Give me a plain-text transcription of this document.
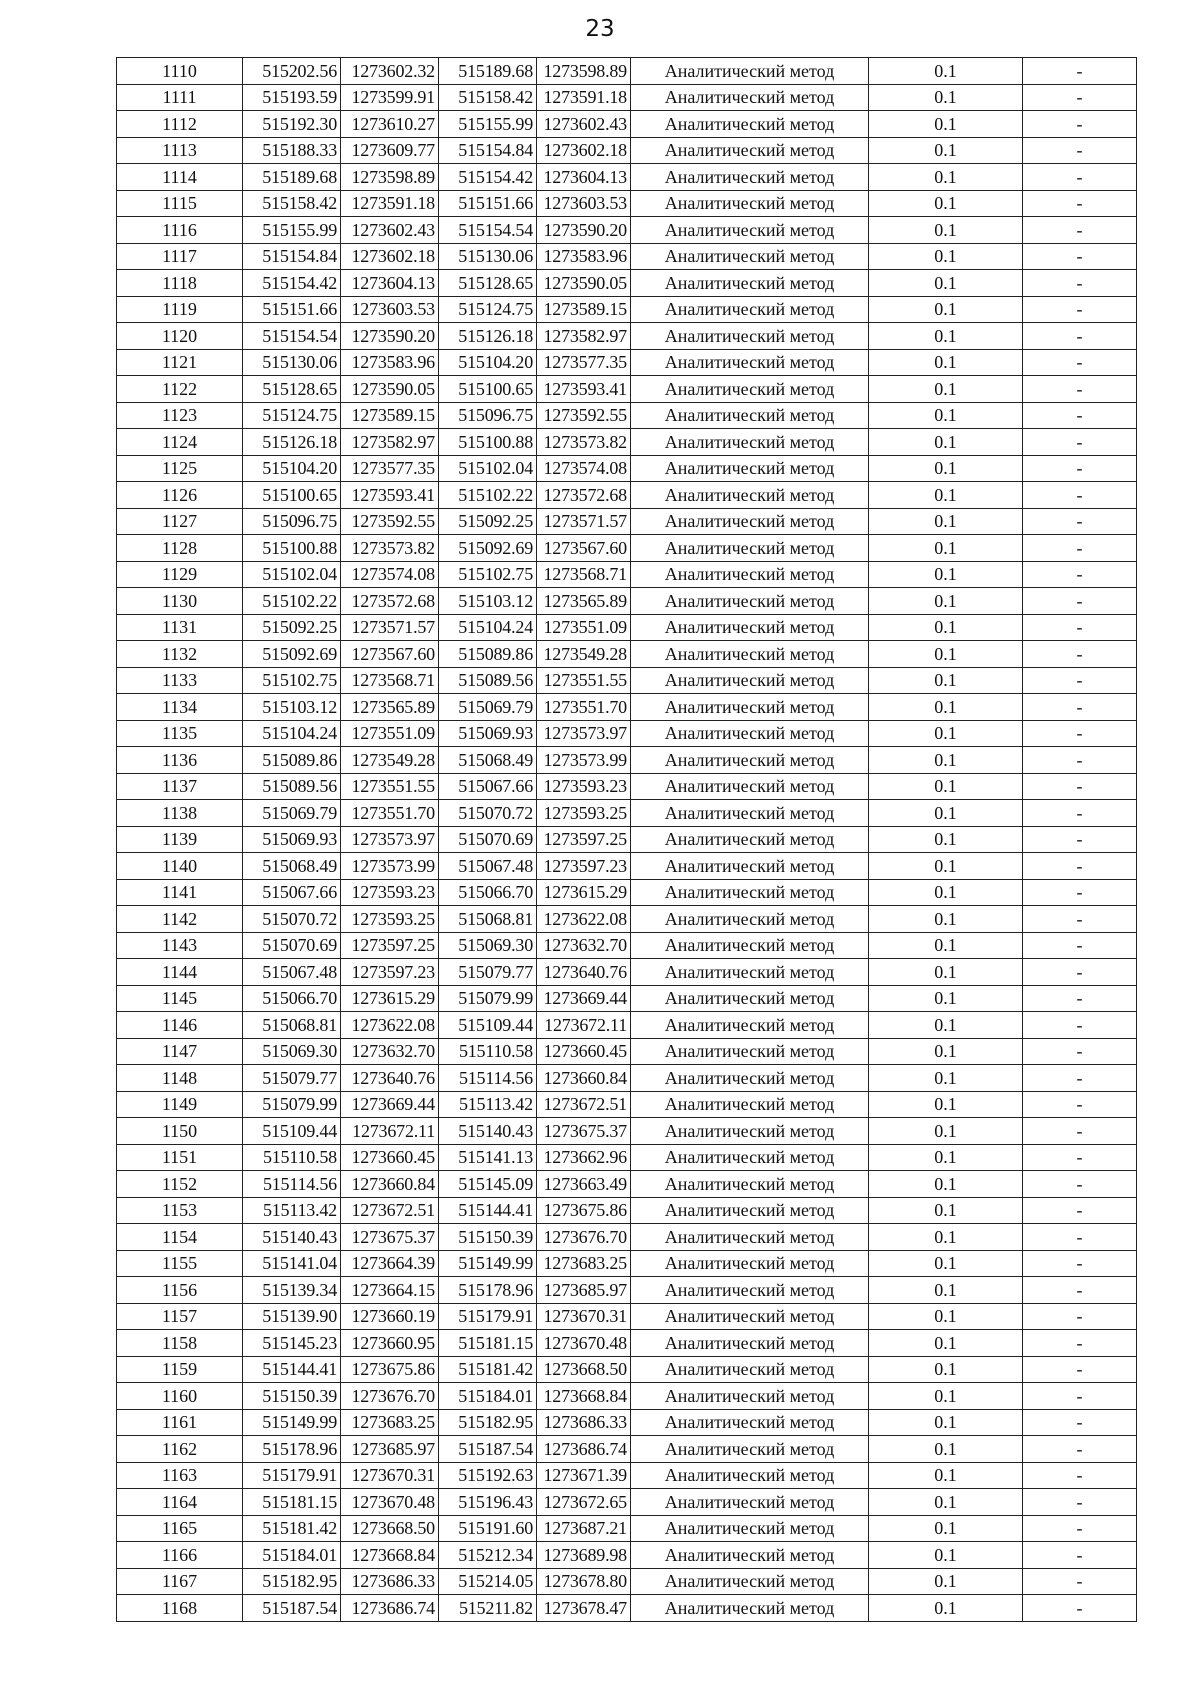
23
1110	515202.56	1273602.32	515189.68	1273598.89	Аналитический метод	0.1	-
1111	515193.59	1273599.91	515158.42	1273591.18	Аналитический метод	0.1	-
1112	515192.30	1273610.27	515155.99	1273602.43	Аналитический метод	0.1	-
1113	515188.33	1273609.77	515154.84	1273602.18	Аналитический метод	0.1	-
1114	515189.68	1273598.89	515154.42	1273604.13	Аналитический метод	0.1	-
1115	515158.42	1273591.18	515151.66	1273603.53	Аналитический метод	0.1	-
1116	515155.99	1273602.43	515154.54	1273590.20	Аналитический метод	0.1	-
1117	515154.84	1273602.18	515130.06	1273583.96	Аналитический метод	0.1	-
1118	515154.42	1273604.13	515128.65	1273590.05	Аналитический метод	0.1	-
1119	515151.66	1273603.53	515124.75	1273589.15	Аналитический метод	0.1	-
1120	515154.54	1273590.20	515126.18	1273582.97	Аналитический метод	0.1	-
1121	515130.06	1273583.96	515104.20	1273577.35	Аналитический метод	0.1	-
1122	515128.65	1273590.05	515100.65	1273593.41	Аналитический метод	0.1	-
1123	515124.75	1273589.15	515096.75	1273592.55	Аналитический метод	0.1	-
1124	515126.18	1273582.97	515100.88	1273573.82	Аналитический метод	0.1	-
1125	515104.20	1273577.35	515102.04	1273574.08	Аналитический метод	0.1	-
1126	515100.65	1273593.41	515102.22	1273572.68	Аналитический метод	0.1	-
1127	515096.75	1273592.55	515092.25	1273571.57	Аналитический метод	0.1	-
1128	515100.88	1273573.82	515092.69	1273567.60	Аналитический метод	0.1	-
1129	515102.04	1273574.08	515102.75	1273568.71	Аналитический метод	0.1	-
1130	515102.22	1273572.68	515103.12	1273565.89	Аналитический метод	0.1	-
1131	515092.25	1273571.57	515104.24	1273551.09	Аналитический метод	0.1	-
1132	515092.69	1273567.60	515089.86	1273549.28	Аналитический метод	0.1	-
1133	515102.75	1273568.71	515089.56	1273551.55	Аналитический метод	0.1	-
1134	515103.12	1273565.89	515069.79	1273551.70	Аналитический метод	0.1	-
1135	515104.24	1273551.09	515069.93	1273573.97	Аналитический метод	0.1	-
1136	515089.86	1273549.28	515068.49	1273573.99	Аналитический метод	0.1	-
1137	515089.56	1273551.55	515067.66	1273593.23	Аналитический метод	0.1	-
1138	515069.79	1273551.70	515070.72	1273593.25	Аналитический метод	0.1	-
1139	515069.93	1273573.97	515070.69	1273597.25	Аналитический метод	0.1	-
1140	515068.49	1273573.99	515067.48	1273597.23	Аналитический метод	0.1	-
1141	515067.66	1273593.23	515066.70	1273615.29	Аналитический метод	0.1	-
1142	515070.72	1273593.25	515068.81	1273622.08	Аналитический метод	0.1	-
1143	515070.69	1273597.25	515069.30	1273632.70	Аналитический метод	0.1	-
1144	515067.48	1273597.23	515079.77	1273640.76	Аналитический метод	0.1	-
1145	515066.70	1273615.29	515079.99	1273669.44	Аналитический метод	0.1	-
1146	515068.81	1273622.08	515109.44	1273672.11	Аналитический метод	0.1	-
1147	515069.30	1273632.70	515110.58	1273660.45	Аналитический метод	0.1	-
1148	515079.77	1273640.76	515114.56	1273660.84	Аналитический метод	0.1	-
1149	515079.99	1273669.44	515113.42	1273672.51	Аналитический метод	0.1	-
1150	515109.44	1273672.11	515140.43	1273675.37	Аналитический метод	0.1	-
1151	515110.58	1273660.45	515141.13	1273662.96	Аналитический метод	0.1	-
1152	515114.56	1273660.84	515145.09	1273663.49	Аналитический метод	0.1	-
1153	515113.42	1273672.51	515144.41	1273675.86	Аналитический метод	0.1	-
1154	515140.43	1273675.37	515150.39	1273676.70	Аналитический метод	0.1	-
1155	515141.04	1273664.39	515149.99	1273683.25	Аналитический метод	0.1	-
1156	515139.34	1273664.15	515178.96	1273685.97	Аналитический метод	0.1	-
1157	515139.90	1273660.19	515179.91	1273670.31	Аналитический метод	0.1	-
1158	515145.23	1273660.95	515181.15	1273670.48	Аналитический метод	0.1	-
1159	515144.41	1273675.86	515181.42	1273668.50	Аналитический метод	0.1	-
1160	515150.39	1273676.70	515184.01	1273668.84	Аналитический метод	0.1	-
1161	515149.99	1273683.25	515182.95	1273686.33	Аналитический метод	0.1	-
1162	515178.96	1273685.97	515187.54	1273686.74	Аналитический метод	0.1	-
1163	515179.91	1273670.31	515192.63	1273671.39	Аналитический метод	0.1	-
1164	515181.15	1273670.48	515196.43	1273672.65	Аналитический метод	0.1	-
1165	515181.42	1273668.50	515191.60	1273687.21	Аналитический метод	0.1	-
1166	515184.01	1273668.84	515212.34	1273689.98	Аналитический метод	0.1	-
1167	515182.95	1273686.33	515214.05	1273678.80	Аналитический метод	0.1	-
1168	515187.54	1273686.74	515211.82	1273678.47	Аналитический метод	0.1	-
